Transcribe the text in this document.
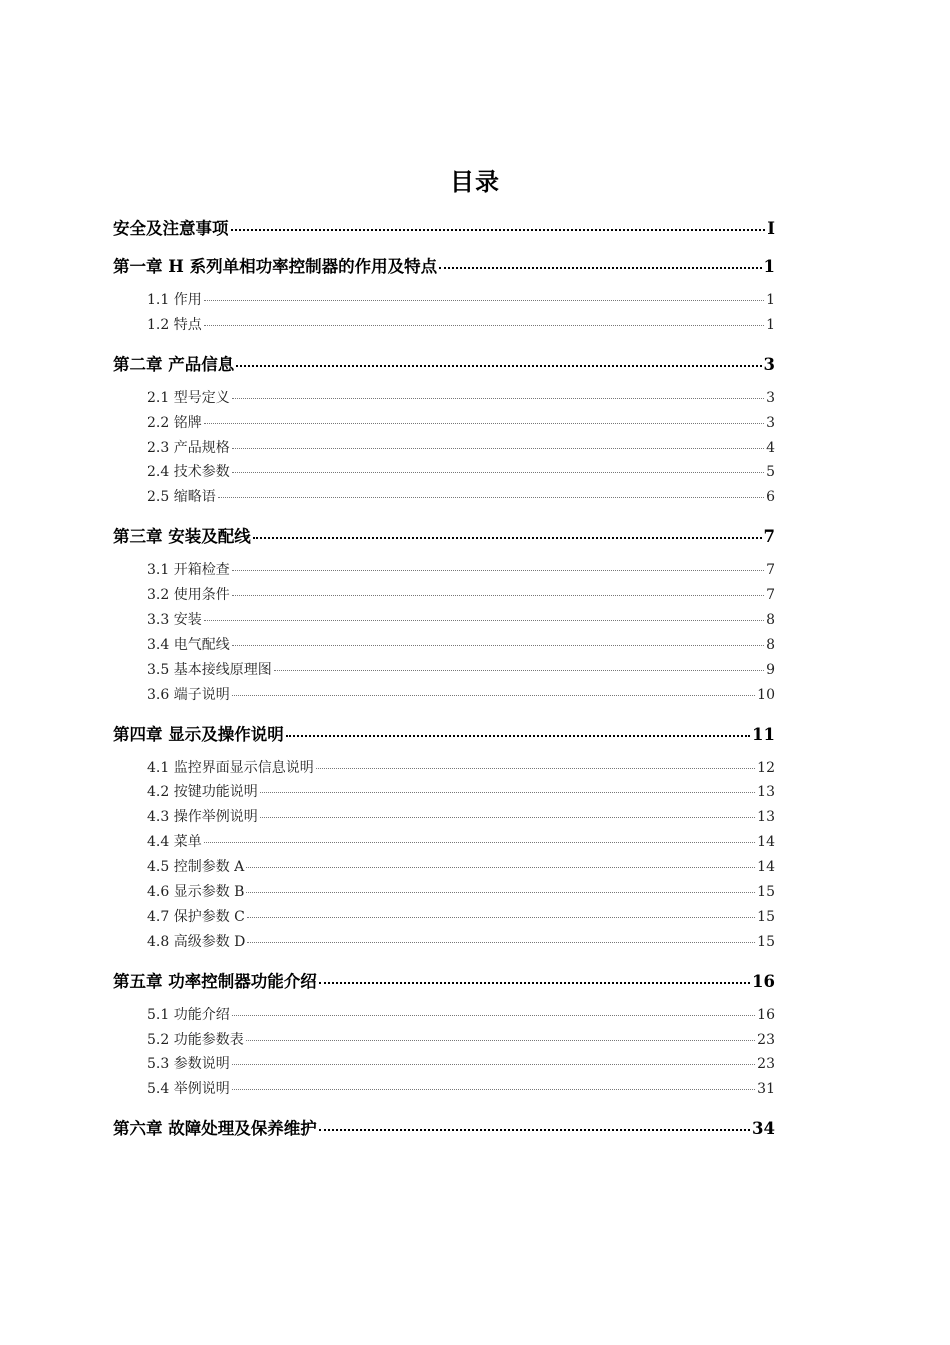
目录
安全及注意事项	I
第一章 H 系列单相功率控制器的作用及特点	1
1.1 作用	1
1.2 特点	1
第二章 产品信息	3
2.1 型号定义	3
2.2 铭牌	3
2.3 产品规格	4
2.4 技术参数	5
2.5 缩略语	6
第三章 安装及配线	7
3.1 开箱检查	7
3.2 使用条件	7
3.3 安装	8
3.4 电气配线	8
3.5 基本接线原理图	9
3.6 端子说明	10
第四章 显示及操作说明	11
4.1 监控界面显示信息说明	12
4.2 按键功能说明	13
4.3 操作举例说明	13
4.4 菜单	14
4.5 控制参数 A	14
4.6 显示参数 B	15
4.7 保护参数 C	15
4.8 高级参数 D	15
第五章 功率控制器功能介绍	16
5.1 功能介绍	16
5.2 功能参数表	23
5.3 参数说明	23
5.4 举例说明	31
第六章 故障处理及保养维护	34
